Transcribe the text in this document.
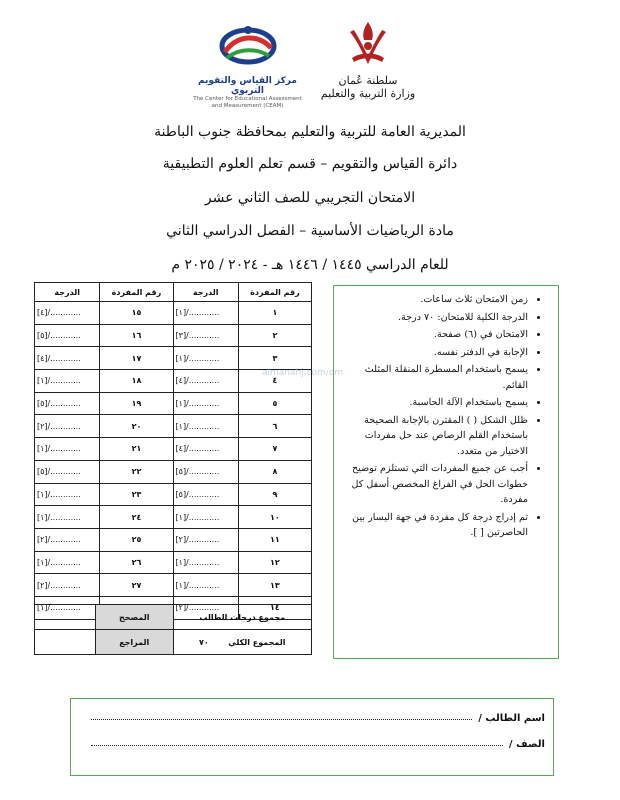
سلطنة عُمان
وزارة التربية والتعليم
مركز القياس والتقويم التربوي
The Center for Educational Assessment and Measurement (CEAM)
المديرية العامة للتربية والتعليم بمحافظة جنوب الباطنة
دائرة القياس والتقويم – قسم تعلم العلوم التطبيقية
الامتحان التجريبي للصف الثاني عشر
مادة الرياضيات الأساسية – الفصل الدراسي الثاني
للعام الدراسي ١٤٤٥ / ١٤٤٦ هـ - ٢٠٢٤ / ٢٠٢٥ م
رقم المفردة	الدرجة	رقم المفردة	الدرجة
١	............/[١]	١٥	............/[٤]
٢	............/[٣]	١٦	............/[٥]
٣	............/[١]	١٧	............/[٤]
٤	............/[٤]	١٨	............/[١]
٥	............/[١]	١٩	............/[٥]
٦	............/[١]	٢٠	............/[٢]
٧	............/[٤]	٢١	............/[١]
٨	............/[٥]	٢٢	............/[٥]
٩	............/[٥]	٢٣	............/[١]
١٠	............/[١]	٢٤	............/[١]
١١	............/[٢]	٢٥	............/[٢]
١٢	............/[١]	٢٦	............/[١]
١٣	............/[١]	٢٧	............/[٢]
١٤	............/[٢]		............/[١]
مجموع درجات الطالب	المصحح	
المجموع الكلي       ٧٠	المراجع	
almanahj.com/om
• زمن الامتحان ثلاث ساعات.
• الدرجة الكلية للامتحان: ٧٠ درجة.
• الامتحان في (٦) صفحة.
• الإجابة في الدفتر نفسه.
• يسمح باستخدام المسطرة المنقلة المثلث القائم.
• يسمح باستخدام الآلة الحاسبة.
• ظلل الشكل ( ) المقترن بالإجابة الصحيحة باستخدام القلم الرصاص عند حل مفردات الاختيار من متعدد.
• أجب عن جميع المفردات التي تستلزم توضيح خطوات الحل في الفراغ المخصص أسفل كل مفردة.
• تم إدراج درجة كل مفردة في جهة اليسار بين الحاصرتين [ ].
اسم الطالب /
الصف /
